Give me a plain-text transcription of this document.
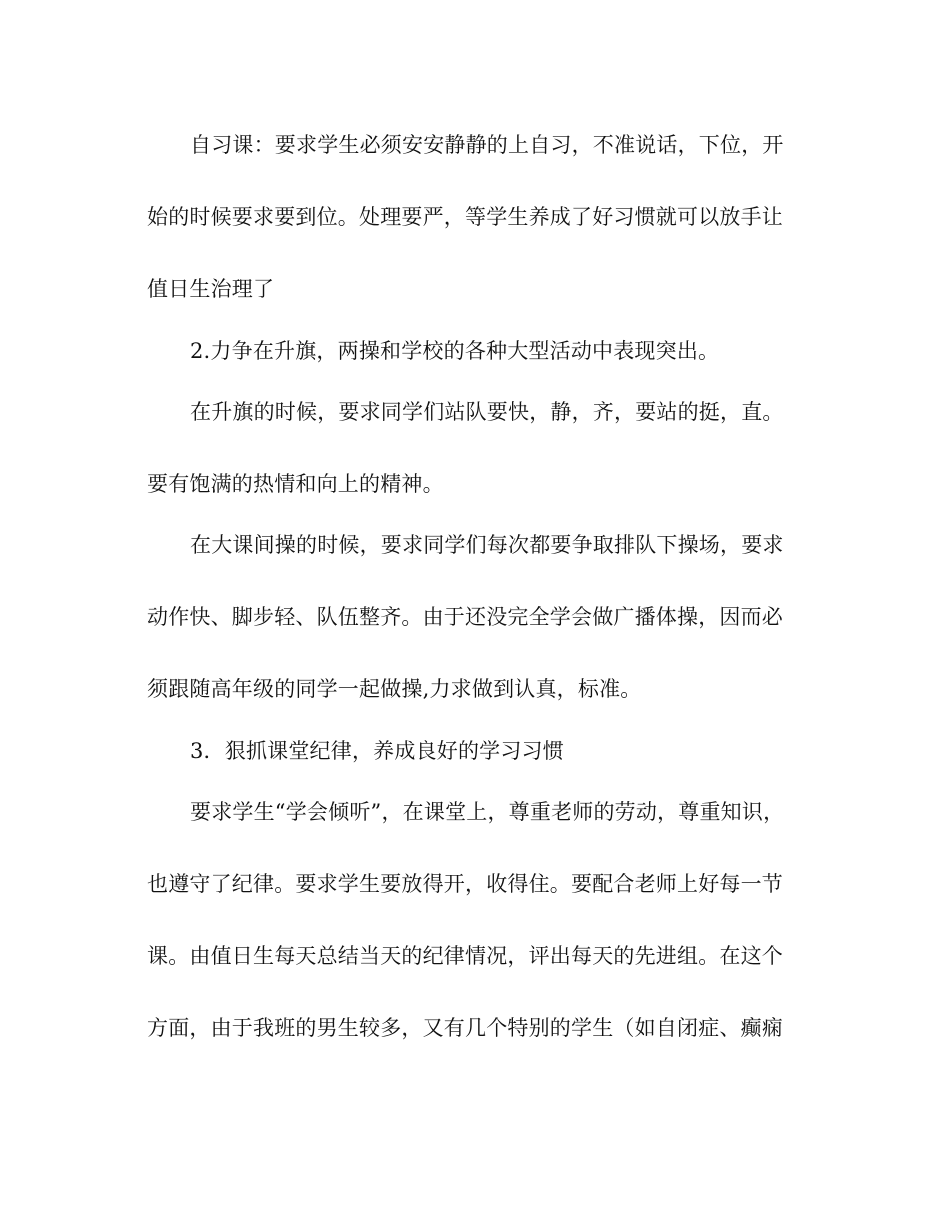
自习课：要求学生必须安安静静的上自习，不准说话，下位，开
始的时候要求要到位。处理要严，等学生养成了好习惯就可以放手让
值日生治理了
2.力争在升旗，两操和学校的各种大型活动中表现突出。
在升旗的时候，要求同学们站队要快，静，齐，要站的挺，直。
要有饱满的热情和向上的精神。
在大课间操的时候，要求同学们每次都要争取排队下操场，要求
动作快、脚步轻、队伍整齐。由于还没完全学会做广播体操，因而必
须跟随高年级的同学一起做操,力求做到认真，标准。
3．狠抓课堂纪律，养成良好的学习习惯
要求学生“学会倾听”，在课堂上，尊重老师的劳动，尊重知识，
也遵守了纪律。要求学生要放得开，收得住。要配合老师上好每一节
课。由值日生每天总结当天的纪律情况，评出每天的先进组。在这个
方面，由于我班的男生较多，又有几个特别的学生（如自闭症、癫痫
